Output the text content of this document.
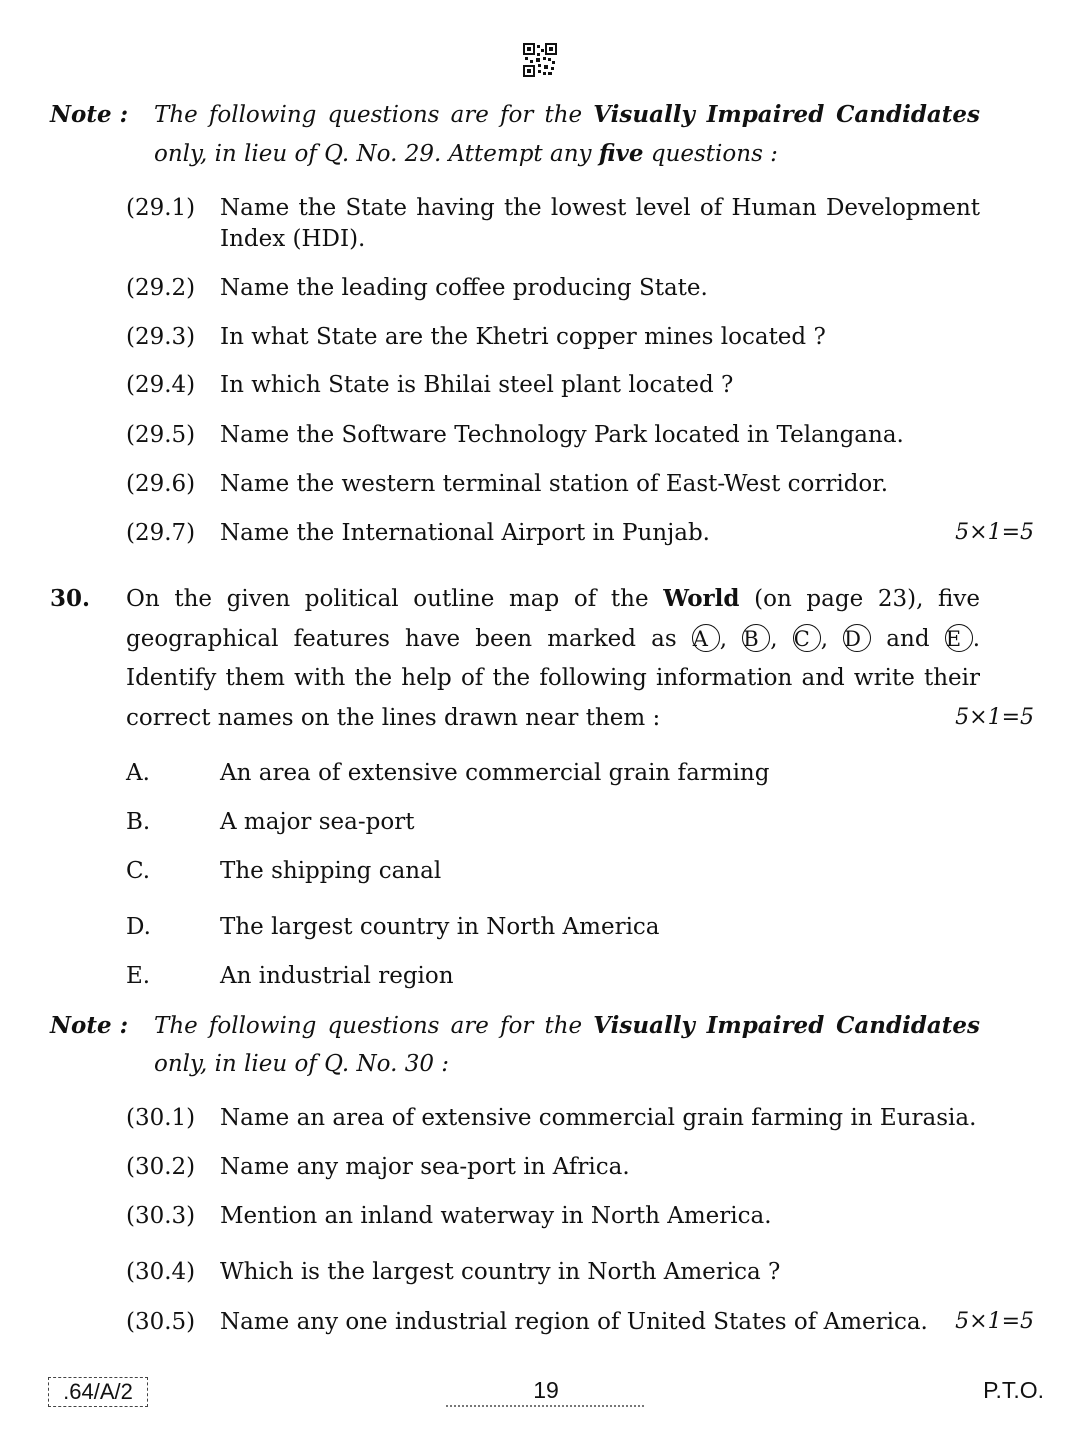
Note : The following questions are for the Visually Impaired Candidates
only, in lieu of Q. No. 29. Attempt any five questions :
(29.1) Name the State having the lowest level of Human Development
Index (HDI).
(29.2) Name the leading coffee producing State.
(29.3) In what State are the Khetri copper mines located ?
(29.4) In which State is Bhilai steel plant located ?
(29.5) Name the Software Technology Park located in Telangana.
(29.6) Name the western terminal station of East-West corridor.
(29.7) Name the International Airport in Punjab.	5×1=5
30. On the given political outline map of the World (on page 23), five
geographical features have been marked as A , B , C , D and E .
Identify them with the help of the following information and write their
correct names on the lines drawn near them :	5×1=5
A.	An area of extensive commercial grain farming
B.	A major sea-port
C.	The shipping canal
D.	The largest country in North America
E.	An industrial region
Note : The following questions are for the Visually Impaired Candidates
only, in lieu of Q. No. 30 :
(30.1) Name an area of extensive commercial grain farming in Eurasia.
(30.2) Name any major sea-port in Africa.
(30.3) Mention an inland waterway in North America.
(30.4) Which is the largest country in North America ?
(30.5) Name any one industrial region of United States of America. 5×1=5
.64/A/2	19	P.T.O.
